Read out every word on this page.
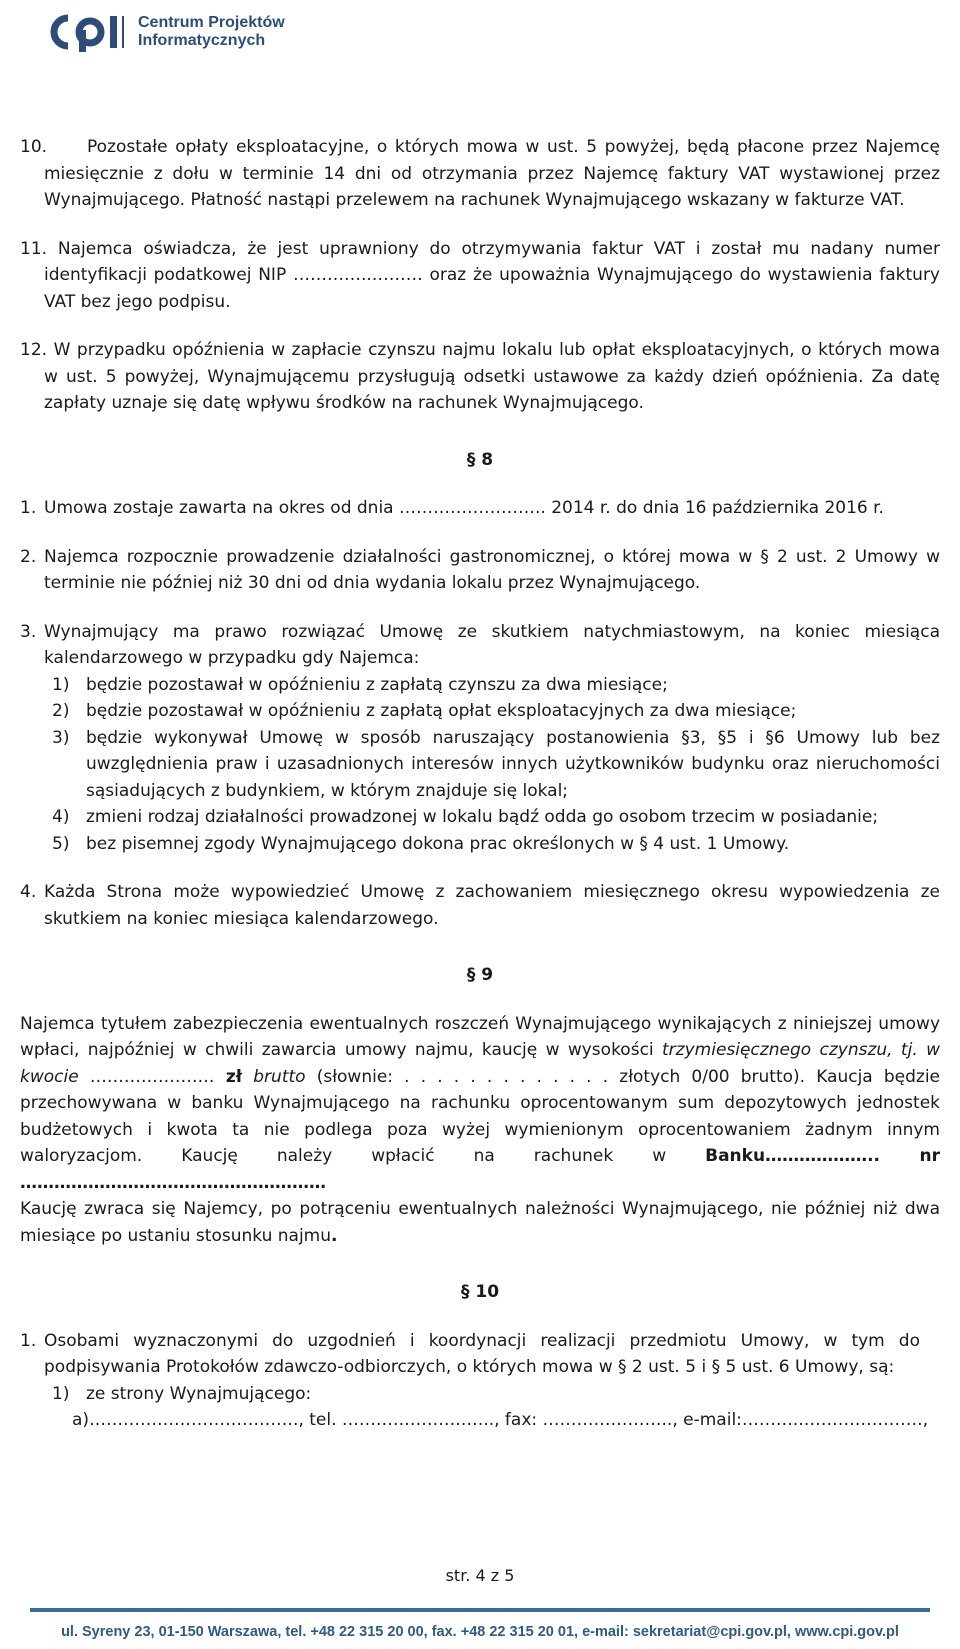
Centrum Projektów
Informatycznych
10.	Pozostałe opłaty eksploatacyjne, o których mowa w ust. 5 powyżej, będą płacone przez Najemcę miesięcznie z dołu w terminie 14 dni od otrzymania przez Najemcę faktury VAT wystawionej przez Wynajmującego. Płatność nastąpi przelewem na rachunek Wynajmującego wskazany w fakturze VAT.
11. Najemca oświadcza, że jest uprawniony do otrzymywania faktur VAT i został mu nadany numer identyfikacji podatkowej NIP …………..……… oraz że upoważnia Wynajmującego do wystawienia faktury VAT bez jego podpisu.
12. W przypadku opóźnienia w zapłacie czynszu najmu lokalu lub opłat eksploatacyjnych, o których mowa w ust. 5 powyżej, Wynajmującemu przysługują odsetki ustawowe za każdy dzień opóźnienia. Za datę zapłaty uznaje się datę wpływu środków na rachunek Wynajmującego.

§ 8

1. Umowa zostaje zawarta na okres od dnia …………………….. 2014 r. do dnia 16 października 2016 r.
2. Najemca rozpocznie prowadzenie działalności gastronomicznej, o której mowa w § 2 ust. 2 Umowy w terminie nie później niż 30 dni od dnia wydania lokalu przez Wynajmującego.
3. Wynajmujący ma prawo rozwiązać Umowę ze skutkiem natychmiastowym, na koniec miesiąca kalendarzowego w przypadku gdy Najemca:
1) będzie pozostawał w opóźnieniu z zapłatą czynszu za dwa miesiące;
2) będzie pozostawał w opóźnieniu z zapłatą opłat eksploatacyjnych za dwa miesiące;
3) będzie wykonywał Umowę w sposób naruszający postanowienia §3, §5 i §6 Umowy lub bez uwzględnienia praw i uzasadnionych interesów innych użytkowników budynku oraz nieruchomości sąsiadujących z budynkiem, w którym znajduje się lokal;
4) zmieni rodzaj działalności prowadzonej w lokalu bądź odda go osobom trzecim w posiadanie;
5) bez pisemnej zgody Wynajmującego dokona prac określonych w § 4 ust. 1 Umowy.
4. Każda Strona może wypowiedzieć Umowę z zachowaniem miesięcznego okresu wypowiedzenia ze skutkiem na koniec miesiąca kalendarzowego.

§ 9

Najemca tytułem zabezpieczenia ewentualnych roszczeń Wynajmującego wynikających z niniejszej umowy wpłaci, najpóźniej w chwili zawarcia umowy najmu, kaucję w wysokości trzymiesięcznego czynszu, tj. w kwocie …………………. zł brutto (słownie: . . . . . . . . . . . . . złotych 0/00 brutto). Kaucja będzie przechowywana w banku Wynajmującego na rachunku oprocentowanym sum depozytowych jednostek budżetowych i kwota ta nie podlega poza wyżej wymienionym oprocentowaniem żadnym innym waloryzacjom. Kaucję należy wpłacić na rachunek w Banku……………….. nr ………………………………………………

Kaucję zwraca się Najemcy, po potrąceniu ewentualnych należności Wynajmującego, nie później niż dwa miesiące po ustaniu stosunku najmu.

§ 10

1. Osobami wyznaczonymi do uzgodnień i koordynacji realizacji przedmiotu Umowy, w tym do podpisywania Protokołów zdawczo-odbiorczych, o których mowa w § 2 ust. 5 i § 5 ust. 6 Umowy, są:
1) ze strony Wynajmującego:
a)………………………………., tel. ………………….….., fax: ………………….., e-mail:………..…………………,
str. 4 z 5
ul. Syreny 23, 01-150 Warszawa, tel. +48 22 315 20 00, fax. +48 22 315 20 01, e-mail: sekretariat@cpi.gov.pl, www.cpi.gov.pl
